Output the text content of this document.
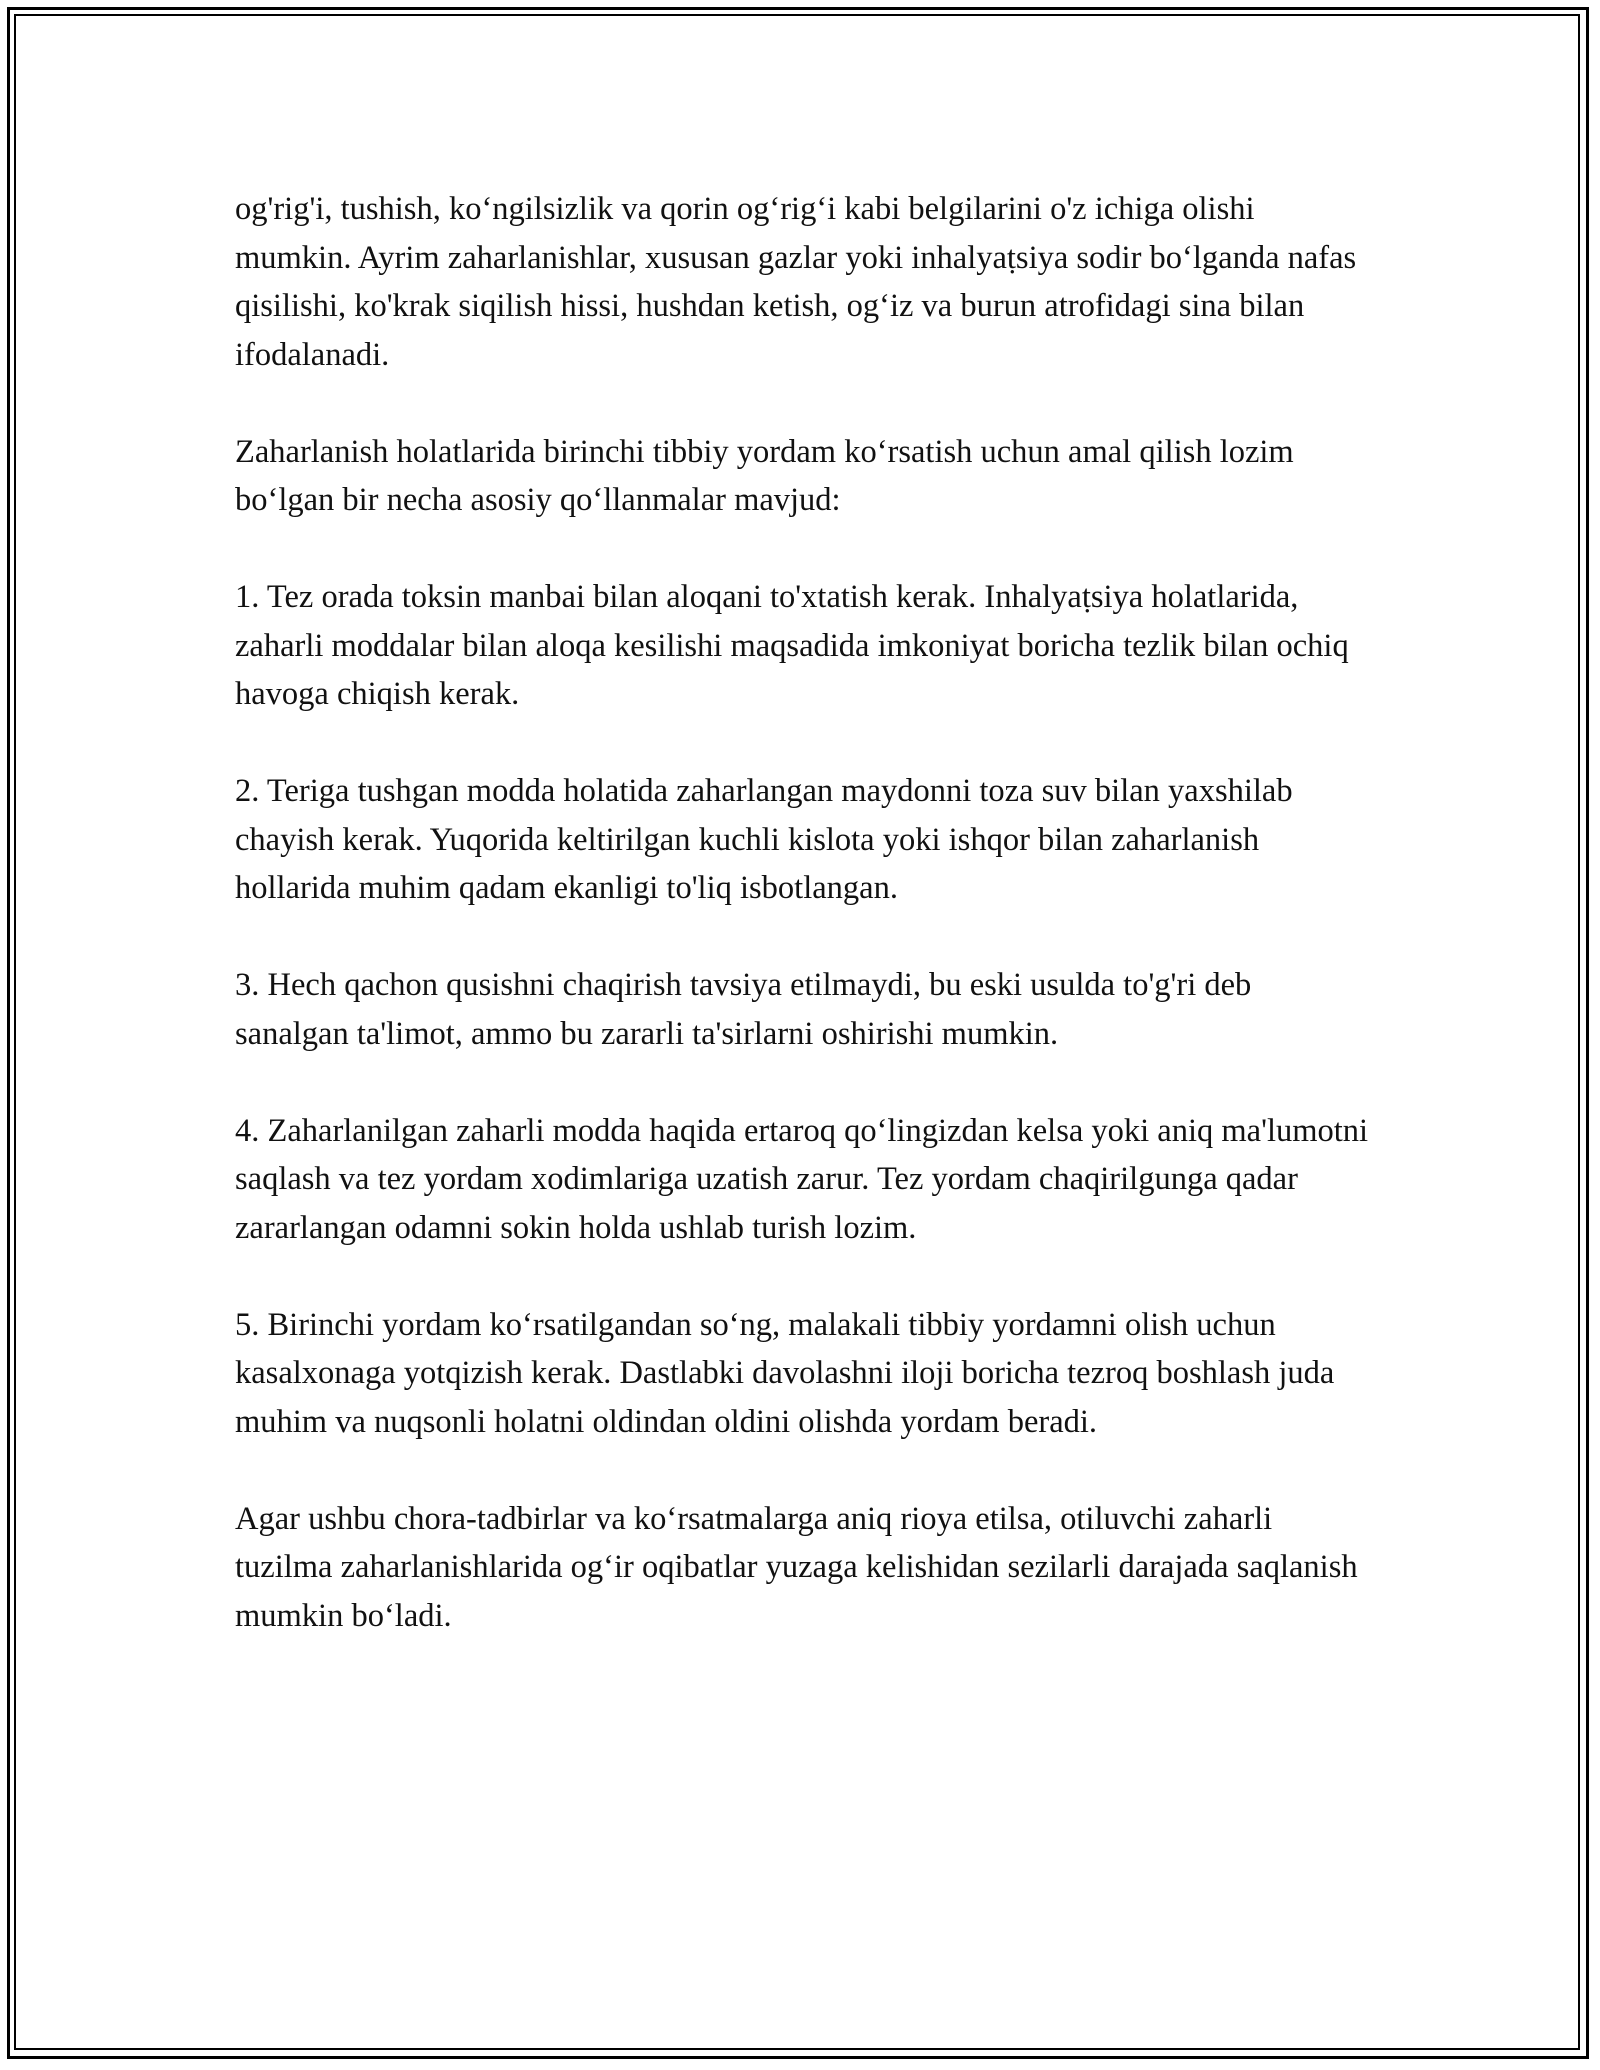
og'rig'i, tushish, ko‘ngilsizlik va qorin og‘rig‘i kabi belgilarini o'z ichiga olishi mumkin. Ayrim zaharlanishlar, xususan gazlar yoki inhalyaṭsiya sodir bo‘lganda nafas qisilishi, ko'krak siqilish hissi, hushdan ketish, og‘iz va burun atrofidagi sina bilan ifodalanadi.

Zaharlanish holatlarida birinchi tibbiy yordam ko‘rsatish uchun amal qilish lozim bo‘lgan bir necha asosiy qo‘llanmalar mavjud:

1. Tez orada toksin manbai bilan aloqani to'xtatish kerak. Inhalyaṭsiya holatlarida, zaharli moddalar bilan aloqa kesilishi maqsadida imkoniyat boricha tezlik bilan ochiq havoga chiqish kerak.

2. Teriga tushgan modda holatida zaharlangan maydonni toza suv bilan yaxshilab chayish kerak. Yuqorida keltirilgan kuchli kislota yoki ishqor bilan zaharlanish hollarida muhim qadam ekanligi to'liq isbotlangan.

3. Hech qachon qusishni chaqirish tavsiya etilmaydi, bu eski usulda to'g'ri deb sanalgan ta'limot, ammo bu zararli ta'sirlarni oshirishi mumkin.

4. Zaharlanilgan zaharli modda haqida ertaroq qo‘lingizdan kelsa yoki aniq ma'lumotni saqlash va tez yordam xodimlariga uzatish zarur. Tez yordam chaqirilgunga qadar zararlangan odamni sokin holda ushlab turish lozim.

5. Birinchi yordam ko‘rsatilgandan so‘ng, malakali tibbiy yordamni olish uchun kasalxonaga yotqizish kerak. Dastlabki davolashni iloji boricha tezroq boshlash juda muhim va nuqsonli holatni oldindan oldini olishda yordam beradi.

Agar ushbu chora-tadbirlar va ko‘rsatmalarga aniq rioya etilsa, otiluvchi zaharli tuzilma zaharlanishlarida og‘ir oqibatlar yuzaga kelishidan sezilarli darajada saqlanish mumkin bo‘ladi.
